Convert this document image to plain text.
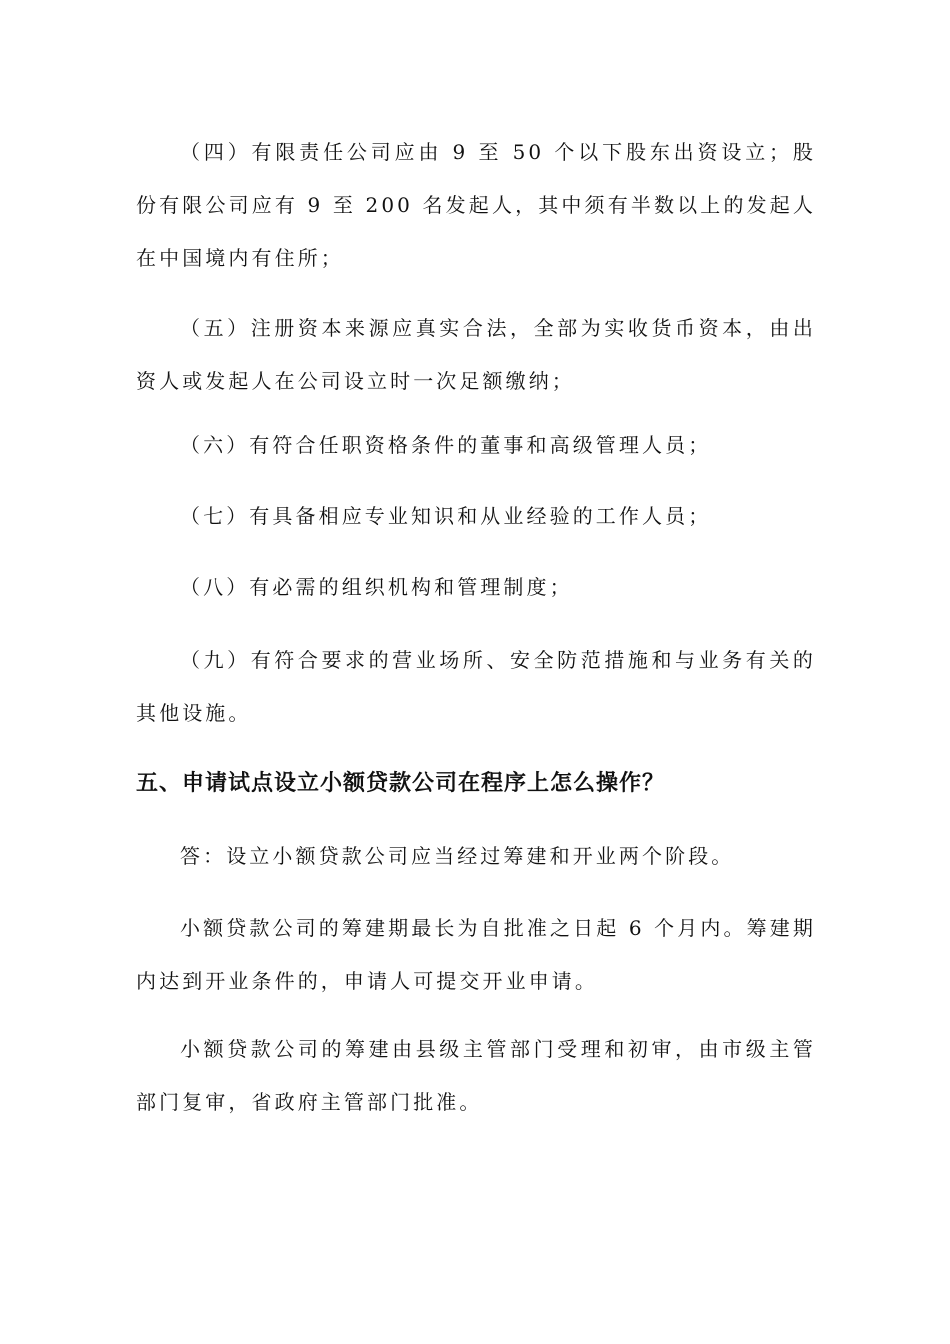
（四）有限责任公司应由 9 至 50 个以下股东出资设立；股份有限公司应有 9 至 200 名发起人，其中须有半数以上的发起人在中国境内有住所；

（五）注册资本来源应真实合法，全部为实收货币资本，由出资人或发起人在公司设立时一次足额缴纳；

（六）有符合任职资格条件的董事和高级管理人员；

（七）有具备相应专业知识和从业经验的工作人员；

（八）有必需的组织机构和管理制度；

（九）有符合要求的营业场所、安全防范措施和与业务有关的其他设施。

五、申请试点设立小额贷款公司在程序上怎么操作？

答：设立小额贷款公司应当经过筹建和开业两个阶段。

小额贷款公司的筹建期最长为自批准之日起 6 个月内。筹建期内达到开业条件的，申请人可提交开业申请。

小额贷款公司的筹建由县级主管部门受理和初审，由市级主管部门复审，省政府主管部门批准。
